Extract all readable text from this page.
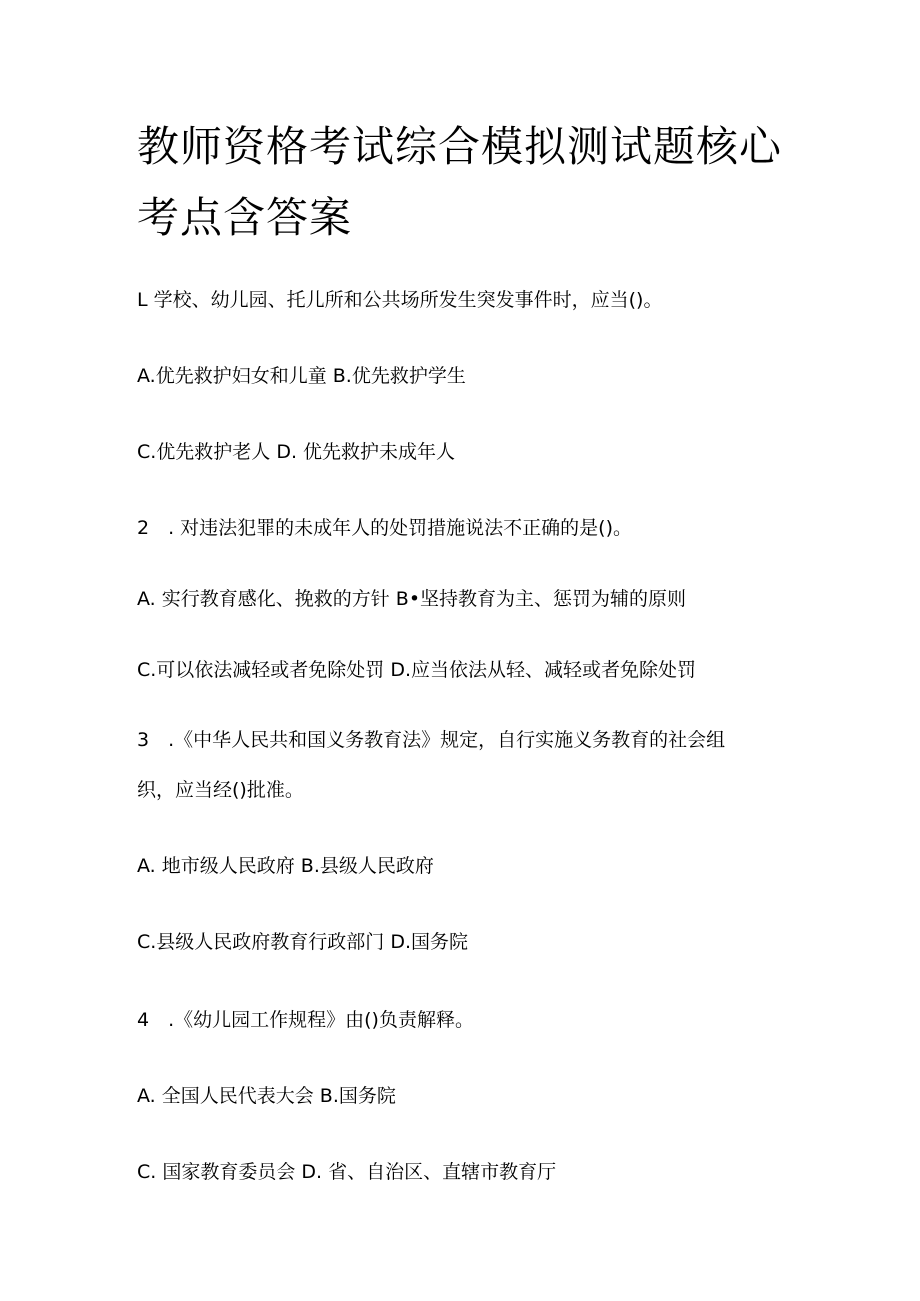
教师资格考试综合模拟测试题核心
考点含答案

L 学校、幼儿园、托儿所和公共场所发生突发事件时，应当()。

A.优先救护妇女和儿童 B.优先救护学生

C.优先救护老人 D. 优先救护未成年人

2　. 对违法犯罪的未成年人的处罚措施说法不正确的是()。

A. 实行教育感化、挽救的方针 B•坚持教育为主、惩罚为辅的原则

C.可以依法减轻或者免除处罚 D.应当依法从轻、减轻或者免除处罚

3　.《中华人民共和国义务教育法》规定，自行实施义务教育的社会组

织，应当经()批准。

A. 地市级人民政府 B.县级人民政府

C.县级人民政府教育行政部门 D.国务院

4　.《幼儿园工作规程》由()负责解释。

A. 全国人民代表大会 B.国务院

C. 国家教育委员会 D. 省、自治区、直辖市教育厅
